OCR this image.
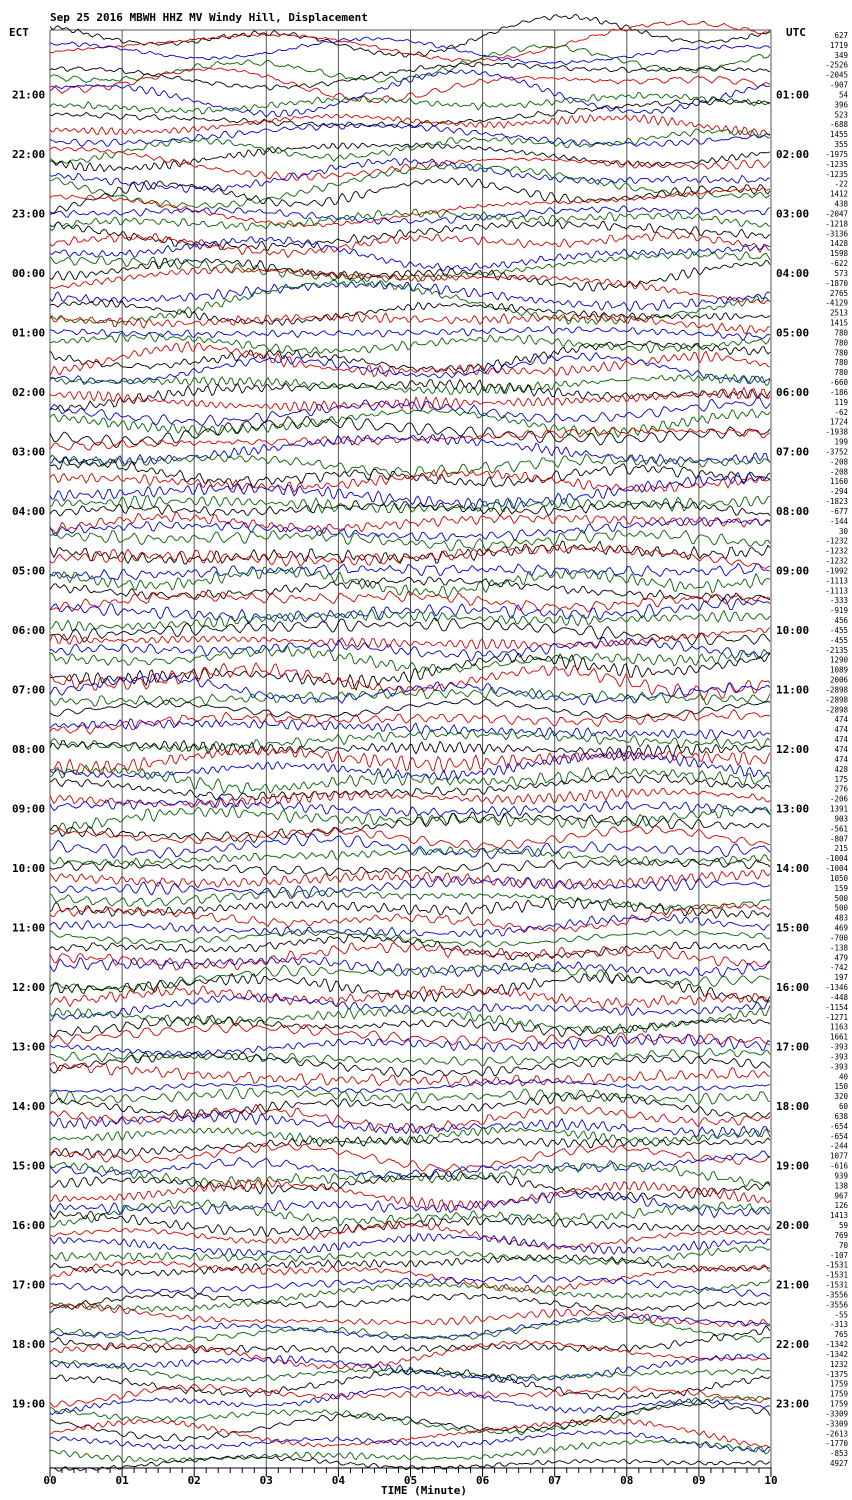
Sep 25 2016 MBWH HHZ MV Windy Hill, Displacement
ECT	UTC
21:00
22:00
23:00
00:00
01:00
02:00
03:00
04:00
05:00
06:00
07:00
08:00
09:00
10:00
11:00
12:00
13:00
14:00
15:00
16:00
17:00
18:00
19:00
01:00
02:00
03:00
04:00
05:00
06:00
07:00
08:00
09:00
10:00
11:00
12:00
13:00
14:00
15:00
16:00
17:00
18:00
19:00
20:00
21:00
22:00
23:00
627
1719
349
-2526
-2045
-907
54
396
523
-688
1455
355
-1975
-1235
-1235
-22
1412
438
-2047
-1218
-3136
1428
1598
-622
573
-1870
2765
-4129
2513
1415
780
780
780
780
780
-660
-186
119
-62
1724
-1938
199
-3752
-208
-208
1160
-294
-1823
-677
-144
30
-1232
-1232
-1232
-1992
-1113
-1113
-333
-919
456
-455
-455
-2135
1290
1089
2006
-2898
-2898
-2898
474
474
474
474
474
428
175
276
-206
1391
903
-561
-807
215
-1004
-1004
1050
159
500
500
483
469
-700
-138
479
-742
197
-1346
-448
-1154
-1271
1163
1661
-393
-393
-393
40
150
320
60
638
-654
-654
-244
1077
-616
939
138
967
126
1413
59
769
70
-107
-1531
-1531
-1531
-3556
-3556
-55
-313
765
-1342
-1342
1232
-1375
1759
1759
1759
-3309
-3309
-2613
-1770
-853
4927
00	01	02	03	04	05	06	07	08	09	10
TIME (Minute)
